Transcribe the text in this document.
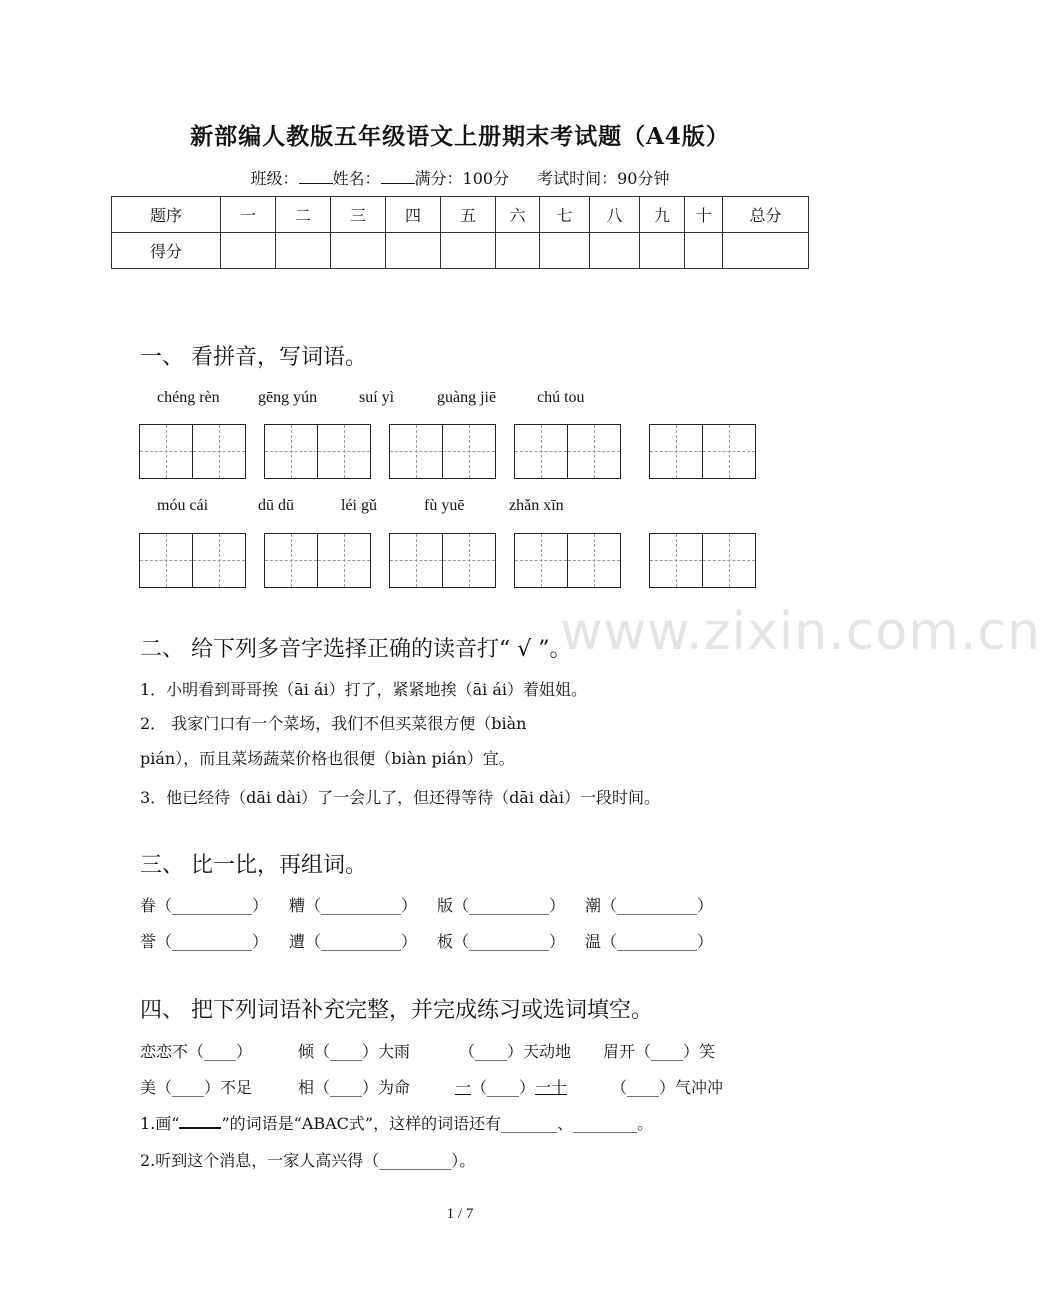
www.zixin.com.cn
新部编人教版五年级语文上册期末考试题（A4版）
班级： 姓名： 满分：100分 考试时间：90分钟
题序	一	二	三	四	五	六	七	八	九	十	总分
得分											
一、 看拼音，写词语。
chéng rèn gēng yún	suí yì	guàng jiē	chú tou
móu cái	dū dū	léi gǔ	fù yuē	zhǎn xīn
二、 给下列多音字选择正确的读音打“ √ ”。
1．小明看到哥哥挨（āi ái）打了，紧紧地挨（āi ái）着姐姐。
2． 我家门口有一个菜场，我们不但买菜很方便（biàn
pián），而且菜场蔬菜价格也很便（biàn pián）宜。
3．他已经待（dāi dài）了一会儿了，但还得等待（dāi dài）一段时间。
三、 比一比，再组词。
眷（__________） 糟（__________） 版（__________） 潮（__________）
誉（__________） 遭（__________） 板（__________） 温（__________）
四、 把下列词语补充完整，并完成练习或选词填空。
恋恋不（____）	倾（____）大雨	（____）天动地 眉开（____）笑
美（____）不足	相（____）为命	一（____）一十	（____）气冲冲
1.画“	”的词语是“ABAC式”，这样的词语还有_______、________。
2.听到这个消息，一家人高兴得（_________）。
1 / 7
